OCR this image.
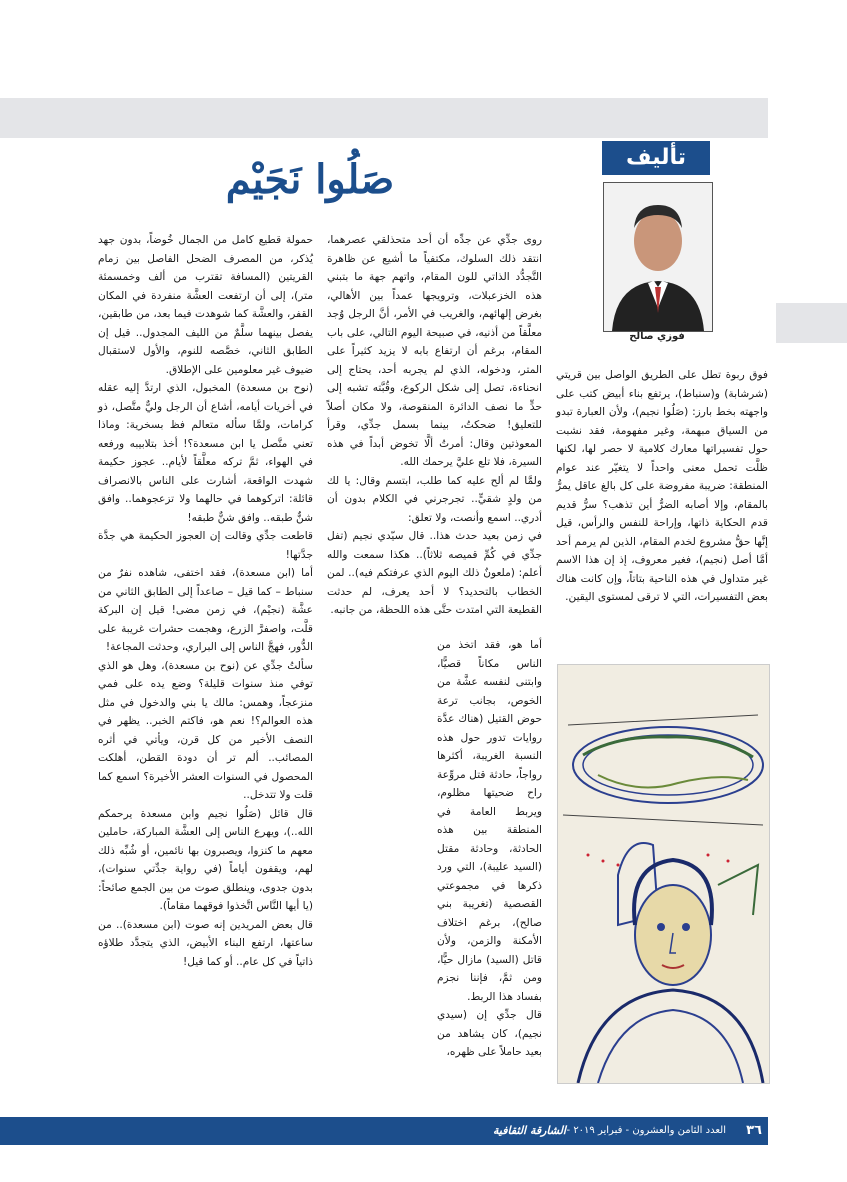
تأليف
فوزي صالح
صَلُوا نَجَيْم

فوق ربوة تطل على الطريق الواصل بين قريتي (شرشابة) و(سنباط)، يرتفع بناء أبيض كتب على واجهته بخط بارز: (صَلُوا نجيم)، ولأن العبارة تبدو من السياق مبهمة، وغير مفهومة، فقد نشبت حول تفسيراتها معارك كلامية لا حصر لها، لكنها ظلَّت تحمل معنى واحداً لا يتغيّر عند عوام المنطقة: ضريبة مفروضة على كل بالغ عاقل يمرُّ بالمقام، وإلا أصابه الضرُّ أين تذهب؟ سرُّ قديم قدم الحكاية ذاتها، وإراحة للنفس والرأس، قيل إنَّها حقُّ مشروع لخدم المقام، الذين لم يرمم أحد أمَّا أصل (نجيم)، فغير معروف، إذ إن هذا الاسم غير متداول في هذه الناحية بتاتاً، وإن كانت هناك بعض التفسيرات، التي لا ترقى لمستوى اليقين.

روى جدِّي عن جدِّه أن أحد متحذلقي عصرهما، انتقد ذلك السلوك، مكتفياً ما أشيع عن ظاهرة التَّجدُّد الذاتي للون المقام، واتهم جهة ما بتبني هذه الخزعبلات، وترويجها عمداً بين الأهالي، بغرض إلهائهم، والغريب في الأمر، أنَّ الرجل وُجد معلَّقاً من أذنيه، في صبيحة اليوم التالي، على باب المقام، برغم أن ارتفاع بابه لا يزيد كثيراً على المتر، ودخوله، الذي لم يجربه أحد، يحتاج إلى انحناءة، تصل إلى شكل الركوع، وقُبَّته تشبه إلى حدٍّ ما نصف الدائرة المنقوصة، ولا مكان أصلاً للتعليق! ضحكتُ، بينما بسمل جدِّي، وقرأ المعوذتين وقال: أمرتُ ألَّا تخوض أبداً في هذه السيرة، فلا تلع عليَّ يرحمك الله.

ولمَّا لم ألح عليه كما طلب، ابتسم وقال: يا لك من ولدٍ شقيٍّ.. تجرجرني في الكلام بدون أن أدري.. اسمع وأنصت، ولا تعلق:

في زمن بعيد حدث هذا.. قال سيّدي نجيم (تفل جدِّي في كُمِّ قميصه ثلاثاً).. هكذا سمعت والله أعلم: (ملعونٌ ذلك اليوم الذي عرفتكم فيه).. لمن الخطاب بالتحديد؟ لا أحد يعرف، لم حدثت القطيعة التي امتدت حتَّى هذه اللحظة، من جانبه.

أما هو، فقد اتخذ من الناس مكاناً قصيًّا، وابتنى لنفسه عشَّة من الخوص، بجانب ترعة حوض القتيل (هناك عدَّة روايات تدور حول هذه النسبة الغريبة، أكثرها رواجاً، حادثة قتل مروِّعة راح ضحيتها مظلوم، ويربط العامة في المنطقة بين هذه الحادثة، وحادثة مقتل (السيد عليبة)، التي ورد ذكرها في مجموعتي القصصية (تغريبة بني صالح)، برغم اختلاف الأمكنة والزمن، ولأن قاتل (السيد) مازال حيًّا، ومن ثمَّ، فإننا نجزم بفساد هذا الربط.

قال جدِّي إن (سيدي نجيم)، كان يشاهد من بعيد حاملاً على ظهره،

حمولة قطيع كامل من الجمال خُوضاً، بدون جهد يُذكر، من المصرف الضحل الفاصل بين زمام القريتين (المسافة تقترب من ألف وخمسمئة متر)، إلى أن ارتفعت العشَّة منفردة في المكان القفر، والعشَّة كما شوهدت فيما بعد، من طابقين، يفصل بينهما سلَّمٌ من الليف المجدول.. قيل إن الطابق الثاني، خصَّصه للنوم، والأول لاستقبال ضيوف غير معلومين على الإطلاق.

(نوح بن مسعدة) المخبول، الذي ارتدَّ إليه عقله في أخريات أيامه، أشاع أن الرجل وليٌّ متَّصل، ذو كرامات، ولمَّا سأله متعالم فظ بسخرية: وماذا تعني متَّصل يا ابن مسعدة؟! أخذ بتلابيبه ورفعه في الهواء، ثمَّ تركه معلَّقاً لأيام.. عجوز حكيمة شهدت الواقعة، أشارت على الناس بالانصراف قائلة: اتركوهما في حالهما ولا تزعجوهما.. وافق شنٌّ طبقه.. وافق شنٌّ طبقه!

قاطعت جدِّي وقالت إن العجوز الحكيمة هي جدَّة جدَّتها!

أما (ابن مسعدة)، فقد اختفى، شاهده نفرٌ من سنباط – كما قيل – صاعداً إلى الطابق الثاني من عشَّة (نجيْم)، في زمن مضى! قيل إن البركة قلَّت، واصفرَّ الزرع، وهجمت حشرات غريبة على الدُّور، فهجَّ الناس إلى البراري، وحدثت المجاعة!

سألتُ جدِّي عن (نوح بن مسعدة)، وهل هو الذي توفي منذ سنوات قليلة؟ وضع يده على فمي منزعجاً، وهمس: مالك يا بني والدخول في مثل هذه العوالم؟! نعم هو، فاكتم الخبر.. يظهر في النصف الأخير من كل قرن، ويأتي في أثره المصائب.. ألم تر أن دودة القطن، أهلكت المحصول في السنوات العشر الأخيرة؟ اسمع كما قلت ولا تتدخل..

قال قائل (صَلُوا نجيم وابن مسعدة يرحمكم الله..)، ويهرع الناس إلى العشَّة المباركة، حاملين معهم ما كنزوا، ويصبرون بها نائمين، أو شُبِّه ذلك لهم، ويقفون أياماً (في رواية جدِّتي سنوات)، بدون جدوى، وينطلق صوت من بين الجمع صائحاً: (يا أيها النَّاس اتَّخذوا فوقهما مقاماً).

قال بعض المريدين إنه صوت (ابن مسعدة).. من ساعتها، ارتفع البناء الأبيض، الذي يتجدَّد طلاؤه ذاتياً في كل عام.. أو كما قيل!

٣٦
العدد الثامن والعشرون - فبراير ٢٠١٩ -
الشارقة الثقافية
